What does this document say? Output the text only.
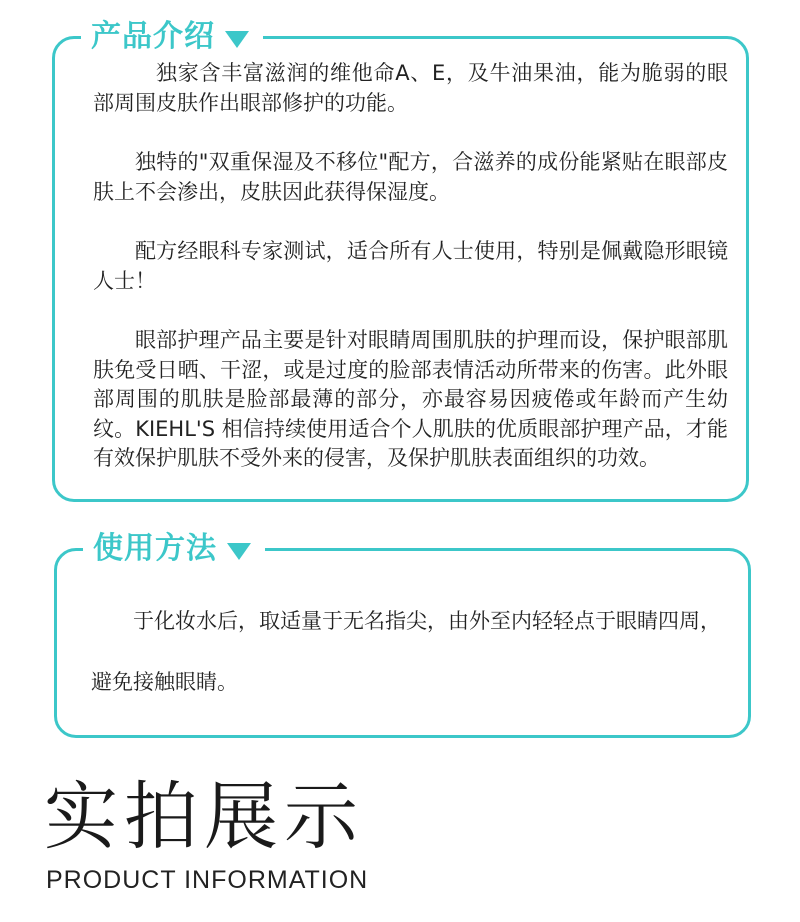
产品介绍

独家含丰富滋润的维他命A、E，及牛油果油，能为脆弱的眼部周围皮肤作出眼部修护的功能。

独特的"双重保湿及不移位"配方，合滋养的成份能紧贴在眼部皮肤上不会渗出，皮肤因此获得保湿度。

配方经眼科专家测试，适合所有人士使用，特别是佩戴隐形眼镜人士！

眼部护理产品主要是针对眼睛周围肌肤的护理而设，保护眼部肌肤免受日晒、干涩，或是过度的脸部表情活动所带来的伤害。此外眼部周围的肌肤是脸部最薄的部分，亦最容易因疲倦或年龄而产生幼纹。KIEHL'S 相信持续使用适合个人肌肤的优质眼部护理产品，才能有效保护肌肤不受外来的侵害，及保护肌肤表面组织的功效。

使用方法

于化妆水后，取适量于无名指尖，由外至内轻轻点于眼睛四周，避免接触眼睛。

实拍展示
PRODUCT INFORMATION
